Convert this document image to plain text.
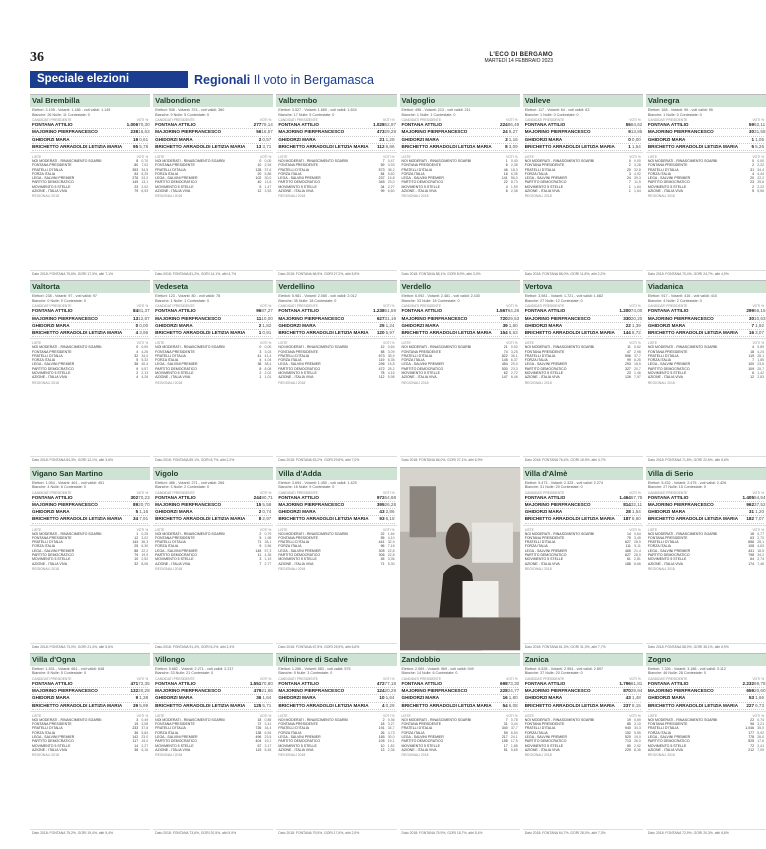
36	L'ECO DI BERGAMO
MARTEDÌ 14 FEBBRAIO 2023
Speciale elezioni	Regionali Il voto in Bergamasca
Val Brembilla
Elettori: 3.195 - Votanti: 1.186 - voti validi: 1.149
Bianche: 26 Nulle: 11 Contestate: 0
CANDIDATI PRESIDENTE	VOTI %
FONTANA ATTILIO	1.006 70,30
MAJORINO PIERFRANCESCO	238 16,63
GHIDORZI MARA	19 0,61
BRICHETTO ARRADOLDI LETIZIA MARIA	95 5,78
LISTE	VOTI %
NOI MODERATI - RINASCIMENTO SGARBI	8 0,70
FONTANA PRESIDENTE	80 7,02
FRATELLI D'ITALIA	393 34,5
FORZA ITALIA	94 8,25
LEGA - SALVINI PREMIER	276 24,2
PARTITO DEMOCRATICO	149 13,1
MOVIMENTO 5 STELLE	23 2,02
AZIONE - ITALIA VIVA	79 6,93
REGIONALI 2018
Dato 2018: FONTANA 75,6%, GORI 17,3%, altri 7,1%
Valbondione
Elettori: 936 - Votanti: 374 - voti validi: 360
Bianche: 9 Nulle: 5 Contestate: 0
CANDIDATI PRESIDENTE	VOTI %
FONTANA ATTILIO	277 79,14
MAJORINO PIERFRANCESCO	56 16,57
GHIDORZI MARA	2 0,57
BRICHETTO ARRADOLDI LETIZIA MARIA	13 3,71
LISTE	VOTI %
NOI MODERATI - RINASCIMENTO SGARBI	0 0,00
FONTANA PRESIDENTE	10 2,94
FRATELLI D'ITALIA	128 37,6
FORZA ITALIA	20 5,88
LEGA - SALVINI PREMIER	102 30,0
PARTITO DEMOCRATICO	40 11,8
MOVIMENTO 5 STELLE	5 1,47
AZIONE - ITALIA VIVA	12 3,53
REGIONALI 2018
Dato 2018: FONTANA 81,2%, GORI 14,1%, altri 4,7%
Valbrembo
Elettori: 3.527 - Votanti: 1.660 - voti validi: 1.634
Bianche: 17 Nulle: 9 Contestate: 0
CANDIDATI PRESIDENTE	VOTI %
FONTANA ATTILIO	1.028 62,97
MAJORINO PIERFRANCESCO	473 29,28
GHIDORZI MARA	21 1,29
BRICHETTO ARRADOLDI LETIZIA MARIA	112 6,86
LISTE	VOTI %
NOI MODERATI - RINASCIMENTO SGARBI	7 0,47
FONTANA PRESIDENTE	59 3,93
FRATELLI D'ITALIA	573 38,2
FORZA ITALIA	84 5,60
LEGA - SALVINI PREMIER	237 15,8
PARTITO DEMOCRATICO	345 23,0
MOVIMENTO 5 STELLE	34 2,27
AZIONE - ITALIA VIVA	99 6,60
REGIONALI 2018
Dato 2018: FONTANA 66,9%, GORI 27,2%, altri 5,9%
Valgoglio
Elettori: 496 - Votanti: 213 - voti validi: 211
Bianche: 1 Nulle: 1 Contestate: 0
CANDIDATI PRESIDENTE	VOTI %
FONTANA ATTILIO	224 86,49
MAJORINO PIERFRANCESCO	24 9,27
GHIDORZI MARA	3 1,16
BRICHETTO ARRADOLDI LETIZIA MARIA	8 3,09
LISTE	VOTI %
NOI MODERATI - RINASCIMENTO SGARBI	1 0,40
FONTANA PRESIDENTE	6 2,38
FRATELLI D'ITALIA	46 18,3
FORZA ITALIA	16 6,35
LEGA - SALVINI PREMIER	141 56,0
PARTITO DEMOCRATICO	22 8,73
MOVIMENTO 5 STELLE	4 1,59
AZIONE - ITALIA VIVA	6 2,38
REGIONALI 2018
Dato 2018: FONTANA 88,1%, GORI 8,9%, altri 3,0%
Valleve
Elettori: 117 - Votanti: 64 - voti validi: 63
Bianche: 1 Nulle: 0 Contestate: 0
CANDIDATI PRESIDENTE	VOTI %
FONTANA ATTILIO	55 84,62
MAJORINO PIERFRANCESCO	9 13,85
GHIDORZI MARA	0 0,00
BRICHETTO ARRADOLDI LETIZIA MARIA	1 1,54
LISTE	VOTI %
NOI MODERATI - RINASCIMENTO SGARBI	0 0,00
FONTANA PRESIDENTE	2 3,28
FRATELLI D'ITALIA	20 32,8
FORZA ITALIA	3 4,92
LEGA - SALVINI PREMIER	24 39,3
PARTITO DEMOCRATICO	7 11,5
MOVIMENTO 5 STELLE	1 1,64
AZIONE - ITALIA VIVA	1 1,64
REGIONALI 2018
Dato 2018: FONTANA 86,0%, GORI 11,8%, altri 2,2%
Valnegra
Elettori: 168 - Votanti: 96 - voti validi: 95
Bianche: 1 Nulle: 0 Contestate: 0
CANDIDATI PRESIDENTE	VOTI %
FONTANA ATTILIO	59 62,11
MAJORINO PIERFRANCESCO	30 31,58
GHIDORZI MARA	1 1,05
BRICHETTO ARRADOLDI LETIZIA MARIA	5 5,26
LISTE	VOTI %
NOI MODERATI - RINASCIMENTO SGARBI	0 0,00
FONTANA PRESIDENTE	2 2,22
FRATELLI D'ITALIA	31 34,4
FORZA ITALIA	4 4,44
LEGA - SALVINI PREMIER	20 22,2
PARTITO DEMOCRATICO	23 25,6
MOVIMENTO 5 STELLE	2 2,22
AZIONE - ITALIA VIVA	5 5,56
REGIONALI 2018
Dato 2018: FONTANA 70,4%, GORI 24,7%, altri 4,9%
Valtorta
Elettori: 238 - Votanti: 97 - voti validi: 97
Bianche: 0 Nulle: 0 Contestate: 0
CANDIDATI PRESIDENTE	VOTI %
FONTANA ATTILIO	84 81,37
MAJORINO PIERFRANCESCO	13 12,87
GHIDORZI MARA	0 0,00
BRICHETTO ARRADOLDI LETIZIA MARIA	4 3,96
LISTE	VOTI %
NOI MODERATI - RINASCIMENTO SGARBI	0 0,00
FONTANA PRESIDENTE	4 4,26
FRATELLI D'ITALIA	32 34,0
FORZA ITALIA	5 5,32
LEGA - SALVINI PREMIER	38 40,4
PARTITO DEMOCRATICO	9 9,57
MOVIMENTO 5 STELLE	2 2,13
AZIONE - ITALIA VIVA	4 4,26
REGIONALI 2018
Dato 2018: FONTANA 84,3%, GORI 12,1%, altri 3,6%
Vedeseta
Elettori: 123 - Votanti: 80 - voti validi: 78
Bianche: 1 Nulle: 1 Contestate: 0
CANDIDATI PRESIDENTE	VOTI %
FONTANA ATTILIO	96 87,27
MAJORINO PIERFRANCESCO	11 10,00
GHIDORZI MARA	2 1,82
BRICHETTO ARRADOLDI LETIZIA MARIA	1 0,91
LISTE	VOTI %
NOI MODERATI - RINASCIMENTO SGARBI	0 0,00
FONTANA PRESIDENTE	3 3,03
FRATELLI D'ITALIA	41 41,4
FORZA ITALIA	4 4,04
LEGA - SALVINI PREMIER	38 38,4
PARTITO DEMOCRATICO	8 8,08
MOVIMENTO 5 STELLE	2 2,02
AZIONE - ITALIA VIVA	1 1,01
REGIONALI 2018
Dato 2018: FONTANA 89,1%, GORI 8,7%, altri 2,2%
Verdellino
Elettori: 5.981 - Votanti: 2.065 - voti validi: 2.012
Bianche: 35 Nulle: 18 Contestate: 0
CANDIDATI PRESIDENTE	VOTI %
FONTANA ATTILIO	1.238 61,59
MAJORINO PIERFRANCESCO	627 31,19
GHIDORZI MARA	25 1,24
BRICHETTO ARRADOLDI LETIZIA MARIA	120 5,97
LISTE	VOTI %
NOI MODERATI - RINASCIMENTO SGARBI	12 0,64
FONTANA PRESIDENTE	58 3,09
FRATELLI D'ITALIA	673 35,9
FORZA ITALIA	119 6,35
LEGA - SALVINI PREMIER	296 15,8
PARTITO DEMOCRATICO	472 25,2
MOVIMENTO 5 STELLE	78 4,16
AZIONE - ITALIA VIVA	112 5,98
REGIONALI 2018
Dato 2018: FONTANA 63,2%, GORI 29,8%, altri 7,0%
Verdello
Elettori: 6.092 - Votanti: 2.481 - voti validi: 2.430
Bianche: 33 Nulle: 18 Contestate: 0
CANDIDATI PRESIDENTE	VOTI %
FONTANA ATTILIO	1.567 64,26
MAJORINO PIERFRANCESCO	720 29,53
GHIDORZI MARA	39 1,60
BRICHETTO ARRADOLDI LETIZIA MARIA	154 6,63
LISTE	VOTI %
NOI MODERATI - RINASCIMENTO SGARBI	21 0,92
FONTANA PRESIDENTE	74 3,25
FRATELLI D'ITALIA	822 36,1
FORZA ITALIA	145 6,37
LEGA - SALVINI PREMIER	454 20,0
PARTITO DEMOCRATICO	530 23,3
MOVIMENTO 5 STELLE	62 2,72
AZIONE - ITALIA VIVA	147 6,46
REGIONALI 2018
Dato 2018: FONTANA 66,0%, GORI 27,1%, altri 6,9%
Vertova
Elettori: 3.981 - Votanti: 1.721 - voti validi: 1.682
Bianche: 27 Nulle: 12 Contestate: 0
CANDIDATI PRESIDENTE	VOTI %
FONTANA ATTILIO	1.200 74,00
MAJORINO PIERFRANCESCO	330 20,20
GHIDORZI MARA	22 1,39
BRICHETTO ARRADOLDI LETIZIA MARIA	144 8,72
LISTE	VOTI %
NOI MODERATI - RINASCIMENTO SGARBI	11 0,62
FONTANA PRESIDENTE	47 2,98
FRATELLI D'ITALIA	596 37,7
FORZA ITALIA	99 6,26
LEGA - SALVINI PREMIER	293 18,5
PARTITO DEMOCRATICO	327 20,7
MOVIMENTO 5 STELLE	23 1,46
AZIONE - ITALIA VIVA	126 7,97
REGIONALI 2018
Dato 2018: FONTANA 76,4%, GORI 18,9%, altri 4,7%
Viadanica
Elettori: 917 - Votanti: 416 - voti validi: 410
Bianche: 4 Nulle: 2 Contestate: 0
CANDIDATI PRESIDENTE	VOTI %
FONTANA ATTILIO	299 66,15
MAJORINO PIERFRANCESCO	30 10,63
GHIDORZI MARA	7 1,92
BRICHETTO ARRADOLDI LETIZIA MARIA	16 3,07
LISTE	VOTI %
NOI MODERATI - RINASCIMENTO SGARBI	4 0,89
FONTANA PRESIDENTE	18 4,24
FRATELLI D'ITALIA	119 28,1
FORZA ITALIA	7 1,65
LEGA - SALVINI PREMIER	100 23,6
PARTITO DEMOCRATICO	109 25,7
MOVIMENTO 5 STELLE	6 1,42
AZIONE - ITALIA VIVA	12 2,83
REGIONALI 2018
Dato 2018: FONTANA 71,8%, GORI 22,6%, altri 5,6%
Vigano San Martino
Elettori: 1.054 - Votanti: 461 - voti validi: 451
Bianche: 4 Nulle: 6 Contestate: 0
CANDIDATI PRESIDENTE	VOTI %
FONTANA ATTILIO	302 70,23
MAJORINO PIERFRANCESCO	89 20,70
GHIDORZI MARA	5 1,16
BRICHETTO ARRADOLDI LETIZIA MARIA	34 7,91
LISTE	VOTI %
NOI MODERATI - RINASCIMENTO SGARBI	1 0,25
FONTANA PRESIDENTE	12 3,02
FRATELLI D'ITALIA	144 36,3
FORZA ITALIA	25 6,30
LEGA - SALVINI PREMIER	88 22,2
PARTITO DEMOCRATICO	79 19,9
MOVIMENTO 5 STELLE	10 2,52
AZIONE - ITALIA VIVA	32 8,06
REGIONALI 2018
Dato 2018: FONTANA 73,0%, GORI 21,4%, altri 5,6%
Vigolo
Elettori: 486 - Votanti: 271 - voti validi: 266
Bianche: 3 Nulle: 2 Contestate: 0
CANDIDATI PRESIDENTE	VOTI %
FONTANA ATTILIO	244 90,71
MAJORINO PIERFRANCESCO	15 5,58
GHIDORZI MARA	2 0,74
BRICHETTO ARRADOLDI LETIZIA MARIA	8 2,97
LISTE	VOTI %
NOI MODERATI - RINASCIMENTO SGARBI	2 0,79
FONTANA PRESIDENTE	5 1,98
FRATELLI D'ITALIA	71 28,1
FORZA ITALIA	9 3,56
LEGA - SALVINI PREMIER	145 57,3
PARTITO DEMOCRATICO	11 4,35
MOVIMENTO 5 STELLE	3 1,19
AZIONE - ITALIA VIVA	7 2,77
REGIONALI 2018
Dato 2018: FONTANA 91,4%, GORI 6,2%, altri 2,4%
Villa d'Adda
Elettori: 3.694 - Votanti: 1.450 - voti validi: 1.425
Bianche: 16 Nulle: 9 Contestate: 0
CANDIDATI PRESIDENTE	VOTI %
FONTANA ATTILIO	972 64,68
MAJORINO PIERFRANCESCO	395 26,28
GHIDORZI MARA	43 2,86
BRICHETTO ARRADOLDI LETIZIA MARIA	93 6,18
LISTE	VOTI %
NOI MODERATI - RINASCIMENTO SGARBI	22 1,64
FONTANA PRESIDENTE	55 4,10
FRATELLI D'ITALIA	441 32,9
FORZA ITALIA	96 7,16
LEGA - SALVINI PREMIER	305 22,8
PARTITO DEMOCRATICO	306 22,8
MOVIMENTO 5 STELLE	45 3,36
AZIONE - ITALIA VIVA	71 5,30
REGIONALI 2018
Dato 2018: FONTANA 67,5%, GORI 25,9%, altri 6,6%
Villa d'Almè
Elettori: 5.473 - Votanti: 2.325 - voti validi: 2.274
Bianche: 31 Nulle: 20 Contestate: 0
CANDIDATI PRESIDENTE	VOTI %
FONTANA ATTILIO	1.464 57,75
MAJORINO PIERFRANCESCO	814 32,11
GHIDORZI MARA	28 1,54
BRICHETTO ARRADOLDI LETIZIA MARIA	187 8,60
LISTE	VOTI %
NOI MODERATI - RINASCIMENTO SGARBI	14 0,64
FONTANA PRESIDENTE	75 3,45
FRATELLI D'ITALIA	627 28,9
FORZA ITALIA	111 5,11
LEGA - SALVINI PREMIER	465 21,4
PARTITO DEMOCRATICO	627 28,9
MOVIMENTO 5 STELLE	61 2,81
AZIONE - ITALIA VIVA	188 8,66
REGIONALI 2018
Dato 2018: FONTANA 61,3%, GORI 31,0%, altri 7,7%
Villa di Serio
Elettori: 5.432 - Votanti: 2.475 - voti validi: 2.426
Bianche: 27 Nulle: 15 Contestate: 0
CANDIDATI PRESIDENTE	VOTI %
FONTANA ATTILIO	1.405 54,54
MAJORINO PIERFRANCESCO	962 37,52
GHIDORZI MARA	31 1,20
BRICHETTO ARRADOLDI LETIZIA MARIA	182 7,07
LISTE	VOTI %
NOI MODERATI - RINASCIMENTO SGARBI	18 0,77
FONTANA PRESIDENTE	63 2,70
FRATELLI D'ITALIA	656 28,1
FORZA ITALIA	108 4,63
LEGA - SALVINI PREMIER	431 18,5
PARTITO DEMOCRATICO	798 34,2
MOVIMENTO 5 STELLE	64 2,74
AZIONE - ITALIA VIVA	174 7,46
REGIONALI 2018
Dato 2018: FONTANA 58,0%, GORI 35,1%, altri 6,9%
Villa d'Ogna
Elettori: 1.531 - Votanti: 661 - voti validi: 648
Bianche: 8 Nulle: 5 Contestate: 0
CANDIDATI PRESIDENTE	VOTI %
FONTANA ATTILIO	471 72,35
MAJORINO PIERFRANCESCO	132 20,28
GHIDORZI MARA	9 1,38
BRICHETTO ARRADOLDI LETIZIA MARIA	39 5,99
LISTE	VOTI %
NOI MODERATI - RINASCIMENTO SGARBI	3 0,49
FONTANA PRESIDENTE	19 3,08
FRATELLI D'ITALIA	233 37,8
FORZA ITALIA	36 5,84
LEGA - SALVINI PREMIER	142 23,0
PARTITO DEMOCRATICO	117 19,0
MOVIMENTO 5 STELLE	14 2,27
AZIONE - ITALIA VIVA	38 6,16
REGIONALI 2018
Dato 2018: FONTANA 75,2%, GORI 19,4%, altri 5,4%
Villongo
Elettori: 5.882 - Votanti: 2.271 - voti validi: 2.217
Bianche: 33 Nulle: 21 Contestate: 0
CANDIDATI PRESIDENTE	VOTI %
FONTANA ATTILIO	1.551 70,80
MAJORINO PIERFRANCESCO	479 21,86
GHIDORZI MARA	36 1,64
BRICHETTO ARRADOLDI LETIZIA MARIA	125 5,71
LISTE	VOTI %
NOI MODERATI - RINASCIMENTO SGARBI	18 0,85
FONTANA PRESIDENTE	72 3,41
FRATELLI D'ITALIA	726 34,4
FORZA ITALIA	138 6,54
LEGA - SALVINI PREMIER	496 23,5
PARTITO DEMOCRATICO	404 19,1
MOVIMENTO 5 STELLE	67 3,17
AZIONE - ITALIA VIVA	115 5,45
REGIONALI 2018
Dato 2018: FONTANA 73,6%, GORI 20,5%, altri 5,9%
Vilminore di Scalve
Elettori: 1.266 - Votanti: 583 - voti validi: 575
Bianche: 5 Nulle: 3 Contestate: 0
CANDIDATI PRESIDENTE	VOTI %
FONTANA ATTILIO	472 77,18
MAJORINO PIERFRANCESCO	124 20,29
GHIDORZI MARA	10 1,64
BRICHETTO ARRADOLDI LETIZIA MARIA	4 0,29
LISTE	VOTI %
NOI MODERATI - RINASCIMENTO SGARBI	2 0,36
FONTANA PRESIDENTE	18 3,27
FRATELLI D'ITALIA	191 34,7
FORZA ITALIA	26 4,73
LEGA - SALVINI PREMIER	165 30,0
PARTITO DEMOCRATICO	105 19,1
MOVIMENTO 5 STELLE	10 1,82
AZIONE - ITALIA VIVA	13 2,36
REGIONALI 2018
Dato 2018: FONTANA 79,5%, GORI 17,6%, altri 2,9%
Zandobbio
Elettori: 2.069 - Votanti: 969 - voti validi: 949
Bianche: 14 Nulle: 6 Contestate: 0
CANDIDATI PRESIDENTE	VOTI %
FONTANA ATTILIO	698 73,30
MAJORINO PIERFRANCESCO	228 24,77
GHIDORZI MARA	16 1,80
BRICHETTO ARRADOLDI LETIZIA MARIA	54 6,08
LISTE	VOTI %
NOI MODERATI - RINASCIMENTO SGARBI	7 0,78
FONTANA PRESIDENTE	31 3,44
FRATELLI D'ITALIA	340 37,7
FORZA ITALIA	59 6,54
LEGA - SALVINI PREMIER	217 24,1
PARTITO DEMOCRATICO	158 17,5
MOVIMENTO 5 STELLE	17 1,88
AZIONE - ITALIA VIVA	51 5,65
REGIONALI 2018
Dato 2018: FONTANA 75,9%, GORI 18,7%, altri 5,4%
Zanica
Elettori: 6.528 - Votanti: 2.954 - voti validi: 2.897
Bianche: 37 Nulle: 20 Contestate: 0
CANDIDATI PRESIDENTE	VOTI %
FONTANA ATTILIO	1.796 61,81
MAJORINO PIERFRANCESCO	870 29,94
GHIDORZI MARA	43 1,48
BRICHETTO ARRADOLDI LETIZIA MARIA	237 8,15
LISTE	VOTI %
NOI MODERATI - RINASCIMENTO SGARBI	19 0,69
FONTANA PRESIDENTE	85 3,10
FRATELLI D'ITALIA	940 34,3
FORZA ITALIA	152 5,55
LEGA - SALVINI PREMIER	520 19,0
PARTITO DEMOCRATICO	713 26,0
MOVIMENTO 5 STELLE	80 2,92
AZIONE - ITALIA VIVA	229 8,36
REGIONALI 2018
Dato 2018: FONTANA 64,7%, GORI 28,0%, altri 7,3%
Zogno
Elettori: 7.326 - Votanti: 3.186 - voti validi: 3.112
Bianche: 46 Nulle: 28 Contestate: 0
CANDIDATI PRESIDENTE	VOTI %
FONTANA ATTILIO	2.232 69,78
MAJORINO PIERFRANCESCO	659 20,60
GHIDORZI MARA	53 1,66
BRICHETTO ARRADOLDI LETIZIA MARIA	227 6,73
LISTE	VOTI %
NOI MODERATI - RINASCIMENTO SGARBI	22 0,74
FONTANA PRESIDENTE	96 3,21
FRATELLI D'ITALIA	1.046 35,0
FORZA ITALIA	177 5,92
LEGA - SALVINI PREMIER	778 26,0
PARTITO DEMOCRATICO	525 17,6
MOVIMENTO 5 STELLE	72 2,41
AZIONE - ITALIA VIVA	212 7,09
REGIONALI 2018
Dato 2018: FONTANA 72,9%, GORI 20,3%, altri 6,8%
